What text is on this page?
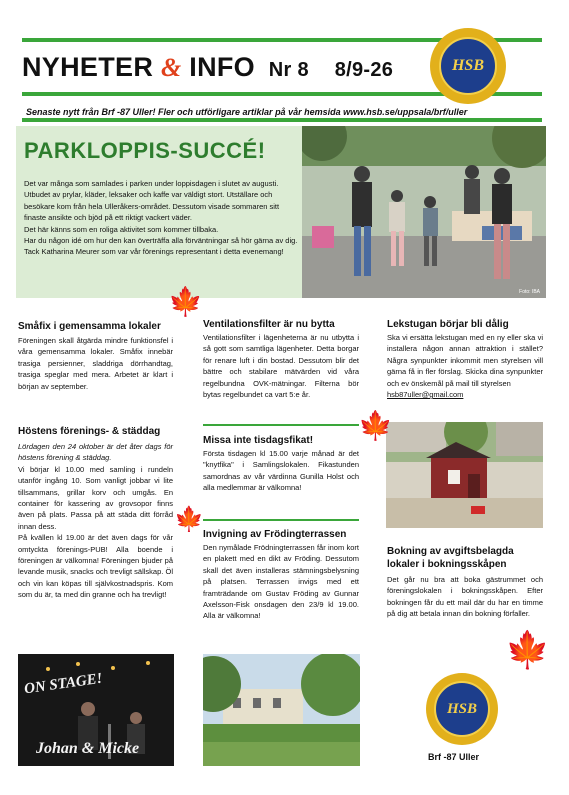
NYHETER & INFO Nr 8 8/9-26	HSB
Senaste nytt från Brf -87 Uller! Fler och utförligare artiklar på vår hemsida www.hsb.se/uppsala/brf/uller
PARKLOPPIS-SUCCÉ!

Det var många som samlades i parken under loppisdagen i slutet av augusti. Utbudet av prylar, kläder, leksaker och kaffe var väldigt stort. Utställare och besökare kom från hela Ulleråkers-området. Dessutom visade sommaren sitt finaste ansikte och bjöd på ett riktigt vackert väder.

Det här känns som en roliga aktivitet som kommer tillbaka.

Har du någon idé om hur den kan överträffa alla förväntningar så hör gärna av dig. Tack Katharina Meurer som var vår förenings representant i detta evenemang!

Foto: IBA
Småfix i gemensamma lokaler
Föreningen skall åtgärda mindre funktionsfel i våra gemensamma lokaler. Småfix innebär trasiga persienner, sladdriga dörrhandtag, trasiga speglar med mera. Arbetet är klart i början av september.
Höstens förenings- & städdag
Lördagen den 24 oktober är det åter dags för höstens förening & städdag.
Vi börjar kl 10.00 med samling i rundeln utanför ingång 10. Som vanligt jobbar vi lite tillsammans, grillar korv och umgås. En container för kassering av grovsopor finns även på plats. Passa på att städa ditt förråd innan dess.
På kvällen kl 19.00 är det även dags för vår omtyckta förenings-PUB! Alla boende i föreningen är välkomna! Föreningen bjuder på levande musik, snacks och trevligt sällskap. Öl och vin kan köpas till självkostnadspris. Kom som du är, ta med din granne och ha trevligt!
ON STAGE!
Johan & Micke
Ventilationsfilter är nu bytta
Ventilationsfilter i lägenheterna är nu utbytta i så gott som samtliga lägenheter. Detta borgar för renare luft i din bostad. Dessutom blir det bättre och stabilare mätvärden vid våra regelbundna OVK-mätningar. Filterna bör bytas regelbundet ca vart 5:e år.
Missa inte tisdagsfikat!
Första tisdagen kl 15.00 varje månad är det "knytfika" i Samlingslokalen. Fikastunden samordnas av vår värdinna Gunilla Holst och alla medlemmar är välkomna!
Invigning av Frödingterrassen
Den nymålade Frödningterrassen får inom kort en plakett med en dikt av Fröding. Dessutom skall det även installeras stämningsbelysning på platsen. Terrassen invigs med ett framträdande om Gustav Fröding av Gunnar Axelsson-Fisk onsdagen den 23/9 kl 19.00. Alla är välkomna!
Lekstugan börjar bli dålig
Ska vi ersätta lekstugan med en ny eller ska vi installera någon annan attraktion i stället? Några synpunkter inkommit men styrelsen vill gärna få in fler förslag. Skicka dina synpunkter och ev önskemål på mail till styrelsen
hsb87uller@gmail.com
Bokning av avgiftsbelagda lokaler i bokningsskåpen
Det går nu bra att boka gästrummet och föreningslokalen i bokningsskåpen. Efter bokningen får du ett mail där du har en timme på dig att betala innan din bokning förfaller.
HSB
Brf -87 Uller
🍁
🍁
🍁
🍁
